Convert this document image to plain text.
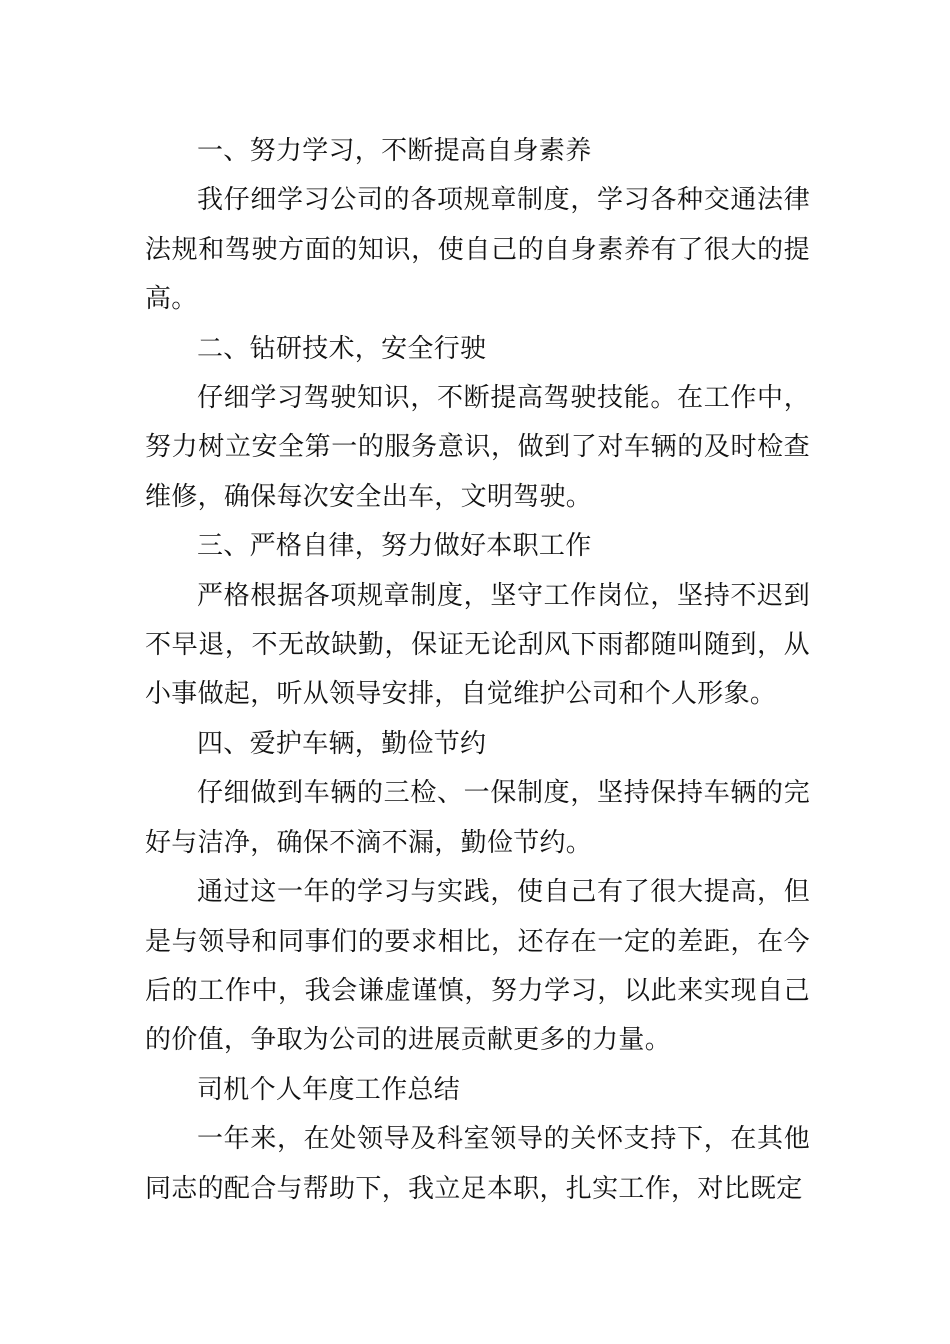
一、努力学习，不断提高自身素养

我仔细学习公司的各项规章制度，学习各种交通法律法规和驾驶方面的知识，使自己的自身素养有了很大的提高。

二、钻研技术，安全行驶

仔细学习驾驶知识，不断提高驾驶技能。在工作中，努力树立安全第一的服务意识，做到了对车辆的及时检查维修，确保每次安全出车，文明驾驶。

三、严格自律，努力做好本职工作

严格根据各项规章制度，坚守工作岗位，坚持不迟到不早退，不无故缺勤，保证无论刮风下雨都随叫随到，从小事做起，听从领导安排，自觉维护公司和个人形象。

四、爱护车辆，勤俭节约

仔细做到车辆的三检、一保制度，坚持保持车辆的完好与洁净，确保不滴不漏，勤俭节约。

通过这一年的学习与实践，使自己有了很大提高，但是与领导和同事们的要求相比，还存在一定的差距，在今后的工作中，我会谦虚谨慎，努力学习，以此来实现自己的价值，争取为公司的进展贡献更多的力量。

司机个人年度工作总结

一年来，在处领导及科室领导的关怀支持下，在其他同志的配合与帮助下，我立足本职，扎实工作，对比既定
